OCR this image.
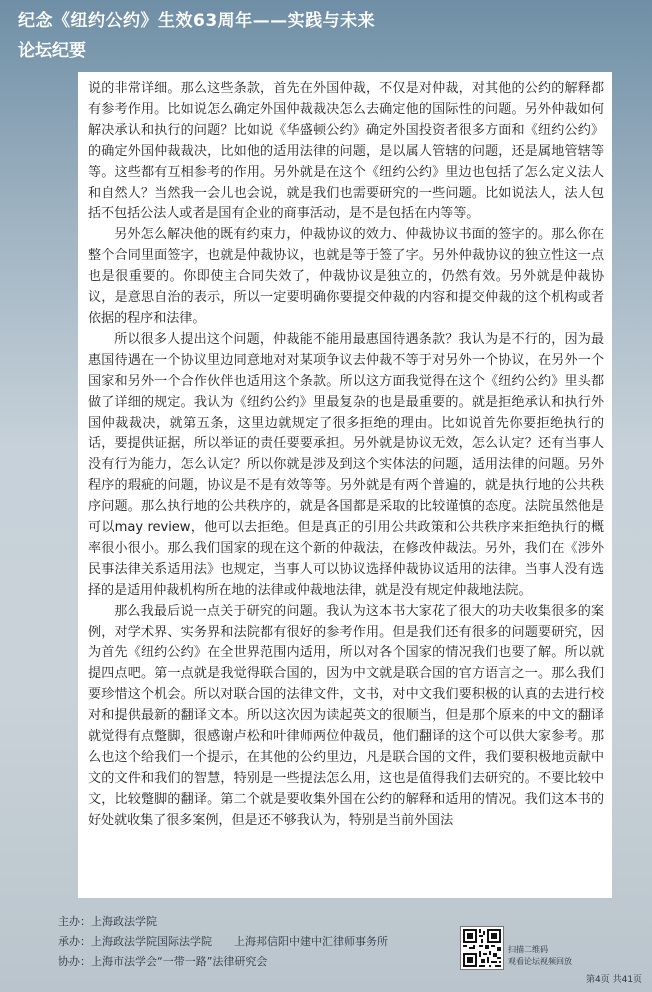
纪念《纽约公约》生效63周年——实践与未来
论坛纪要

说的非常详细。那么这些条款，首先在外国仲裁，不仅是对仲裁，对其他的公约的解释都有参考作用。比如说怎么确定外国仲裁裁决怎么去确定他的国际性的问题。另外仲裁如何解决承认和执行的问题？比如说《华盛顿公约》确定外国投资者很多方面和《纽约公约》的确定外国仲裁裁决，比如他的适用法律的问题，是以属人管辖的问题，还是属地管辖等等。这些都有互相参考的作用。另外就是在这个《纽约公约》里边也包括了怎么定义法人和自然人？当然我一会儿也会说，就是我们也需要研究的一些问题。比如说法人，法人包括不包括公法人或者是国有企业的商事活动，是不是包括在内等等。

另外怎么解决他的既有约束力，仲裁协议的效力、仲裁协议书面的签字的。那么你在整个合同里面签字，也就是仲裁协议，也就是等于签了字。另外仲裁协议的独立性这一点也是很重要的。你即使主合同失效了，仲裁协议是独立的，仍然有效。另外就是仲裁协议，是意思自治的表示，所以一定要明确你要提交仲裁的内容和提交仲裁的这个机构或者依据的程序和法律。

所以很多人提出这个问题，仲裁能不能用最惠国待遇条款？我认为是不行的，因为最惠国待遇在一个协议里边同意地对对某项争议去仲裁不等于对另外一个协议，在另外一个国家和另外一个合作伙伴也适用这个条款。所以这方面我觉得在这个《纽约公约》里头都做了详细的规定。我认为《纽约公约》里最复杂的也是最重要的。就是拒绝承认和执行外国仲裁裁决，就第五条，这里边就规定了很多拒绝的理由。比如说首先你要拒绝执行的话，要提供证据，所以举证的责任要要承担。另外就是协议无效，怎么认定？还有当事人没有行为能力，怎么认定？所以你就是涉及到这个实体法的问题，适用法律的问题。另外程序的瑕疵的问题，协议是不是有效等等。另外就是有两个普遍的，就是执行地的公共秩序问题。那么执行地的公共秩序的，就是各国都是采取的比较谨慎的态度。法院虽然他是可以may review，他可以去拒绝。但是真正的引用公共政策和公共秩序来拒绝执行的概率很小很小。那么我们国家的现在这个新的仲裁法，在修改仲裁法。另外，我们在《涉外民事法律关系适用法》也规定，当事人可以协议选择仲裁协议适用的法律。当事人没有选择的是适用仲裁机构所在地的法律或仲裁地法律，就是没有规定仲裁地法院。

那么我最后说一点关于研究的问题。我认为这本书大家花了很大的功夫收集很多的案例，对学术界、实务界和法院都有很好的参考作用。但是我们还有很多的问题要研究，因为首先《纽约公约》在全世界范围内适用，所以对各个国家的情况我们也要了解。所以就提四点吧。第一点就是我觉得联合国的，因为中文就是联合国的官方语言之一。那么我们要珍惜这个机会。所以对联合国的法律文件，文书，对中文我们要积极的认真的去进行校对和提供最新的翻译文本。所以这次因为读起英文的很顺当，但是那个原来的中文的翻译就觉得有点蹩脚，很感谢卢松和叶律师两位仲裁员，他们翻译的这个可以供大家参考。那么也这个给我们一个提示，在其他的公约里边，凡是联合国的文件，我们要积极地贡献中文的文件和我们的智慧，特别是一些提法怎么用，这也是值得我们去研究的。不要比较中文，比较蹩脚的翻译。第二个就是要收集外国在公约的解释和适用的情况。我们这本书的好处就收集了很多案例，但是还不够我认为，特别是当前外国法

主办：上海政法学院
承办：上海政法学院国际法学院 上海邦信阳中建中汇律师事务所
协办：上海市法学会“一带一路”法律研究会
扫描二维码
观看论坛视频回放
第4页 共41页
